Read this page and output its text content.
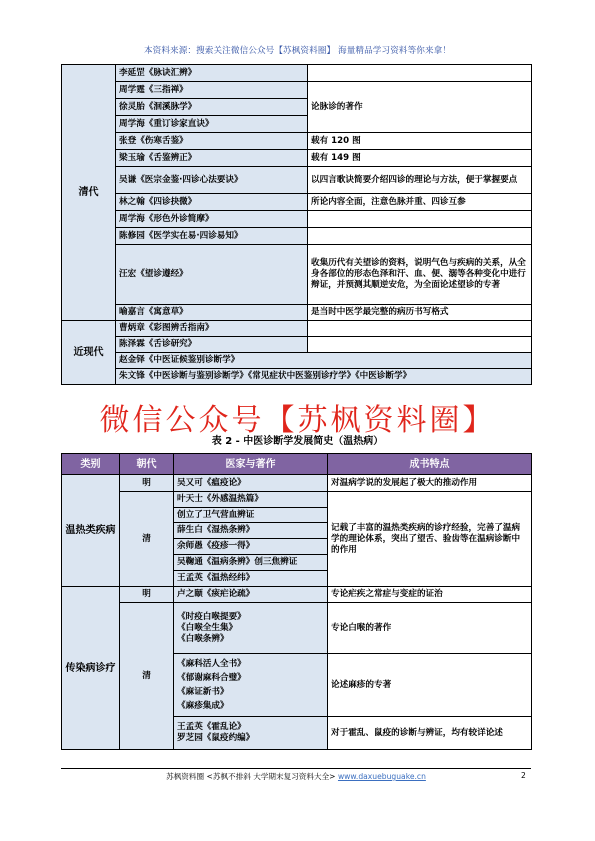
本资料来源：搜索关注微信公众号【苏枫资料圈】 海量精品学习资料等你来拿！
清代	李延罡《脉诀汇辨》	
	周学霆《三指禅》	论脉诊的著作
	徐灵胎《洄溪脉学》	
	周学海《重订诊家直诀》	
	张登《伤寒舌鉴》	载有 120 图
	梁玉瑜《舌鉴辨正》	载有 149 图
	吴谦《医宗金鉴·四诊心法要诀》	以四言歌诀简要介绍四诊的理论与方法，便于掌握要点
	林之翰《四诊抉微》	所论内容全面，注意色脉并重、四诊互参
	周学海《形色外诊简摩》	
	陈修园《医学实在易·四诊易知》	
	汪宏《望诊遵经》	收集历代有关望诊的资料，说明气色与疾病的关系，从全身各部位的形态色泽和汗、血、便、溺等各种变化中进行辩证，并预测其顺逆安危，为全面论述望诊的专著
	喻嘉言《寓意草》	是当时中医学最完整的病历书写格式
近现代	曹炳章《彩图辨舌指南》	
	陈泽霖《舌诊研究》	
	赵金铎《中医证候鉴别诊断学》	
	朱文锋《中医诊断与鉴别诊断学》《常见症状中医鉴别诊疗学》《中医诊断学》	
微信公众号【苏枫资料圈】
表 2 - 中医诊断学发展简史（温热病）
类别	朝代	医家与著作	成书特点
温热类疾病	明	吴又可《瘟疫论》	对温病学说的发展起了极大的推动作用
	清	叶天士《外感温热篇》	记载了丰富的温热类疾病的诊疗经验，完善了温病学的理论体系，突出了望舌、验齿等在温病诊断中的作用
		创立了卫气营血辨证	
		薛生白《湿热条辨》	
		余师愚《疫疹一得》	
		吴鞠通《温病条辨》创三焦辨证	
		王孟英《温热经纬》	
传染病诊疗	明	卢之颐《痎疟论疏》	专论疟疾之常症与变症的证治
	清	《时疫白喉提要》
《白喉全生集》
《白喉条辨》	专论白喉的著作

		《麻科活人全书》
《郁谢麻科合璧》
《麻证新书》
《麻疹集成》	论述麻疹的专著

		王孟英《霍乱论》
罗芝园《鼠疫约编》	对于霍乱、鼠疫的诊断与辨证，均有较详论述
苏枫资料圈 <苏枫不排斜 大学期末复习资料大全> www.daxuebuguake.cn	2
